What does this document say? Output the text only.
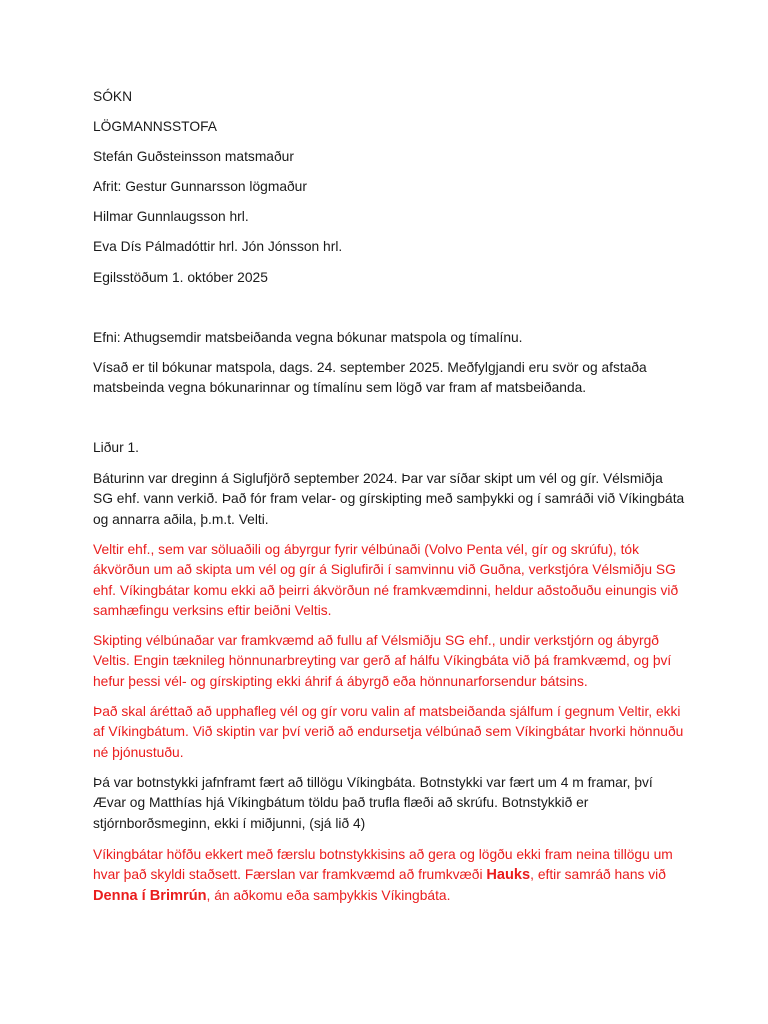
SÓKN

LÖGMANNSSTOFA

Stefán Guðsteinsson matsmaður

Afrit: Gestur Gunnarsson lögmaður

Hilmar Gunnlaugsson hrl.

Eva Dís Pálmadóttir hrl. Jón Jónsson hrl.

Egilsstöðum 1. október 2025

Efni: Athugsemdir matsbeiðanda vegna bókunar matspola og tímalínu.

Vísað er til bókunar matspola, dags. 24. september 2025. Meðfylgjandi eru svör og afstaða matsbeinda vegna bókunarinnar og tímalínu sem lögð var fram af matsbeiðanda.

Liður 1.

Báturinn var dreginn á Siglufjörð september 2024. Þar var síðar skipt um vél og gír. Vélsmiðja SG ehf. vann verkið. Það fór fram velar- og gírskipting með samþykki og í samráði við Víkingbáta og annarra aðila, þ.m.t. Velti.

Veltir ehf., sem var söluaðili og ábyrgur fyrir vélbúnaði (Volvo Penta vél, gír og skrúfu), tók ákvörðun um að skipta um vél og gír á Siglufirði í samvinnu við Guðna, verkstjóra Vélsmiðju SG ehf. Víkingbátar komu ekki að þeirri ákvörðun né framkvæmdinni, heldur aðstoðuðu einungis við samhæfingu verksins eftir beiðni Veltis.

Skipting vélbúnaðar var framkvæmd að fullu af Vélsmiðju SG ehf., undir verkstjórn og ábyrgð Veltis. Engin tæknileg hönnunarbreyting var gerð af hálfu Víkingbáta við þá framkvæmd, og því hefur þessi vél- og gírskipting ekki áhrif á ábyrgð eða hönnunarforsendur bátsins.

Það skal áréttað að upphafleg vél og gír voru valin af matsbeiðanda sjálfum í gegnum Veltir, ekki af Víkingbátum. Við skiptin var því verið að endursetja vélbúnað sem Víkingbátar hvorki hönnuðu né þjónustuðu.

Þá var botnstykki jafnframt fært að tillögu Víkingbáta. Botnstykki var fært um 4 m framar, því Ævar og Matthías hjá Víkingbátum töldu það trufla flæði að skrúfu. Botnstykkið er stjórnborðsmeginn, ekki í miðjunni, (sjá lið 4)

Víkingbátar höfðu ekkert með færslu botnstykkisins að gera og lögðu ekki fram neina tillögu um hvar það skyldi staðsett. Færslan var framkvæmd að frumkvæði Hauks, eftir samráð hans við Denna í Brimrún, án aðkomu eða samþykkis Víkingbáta.
